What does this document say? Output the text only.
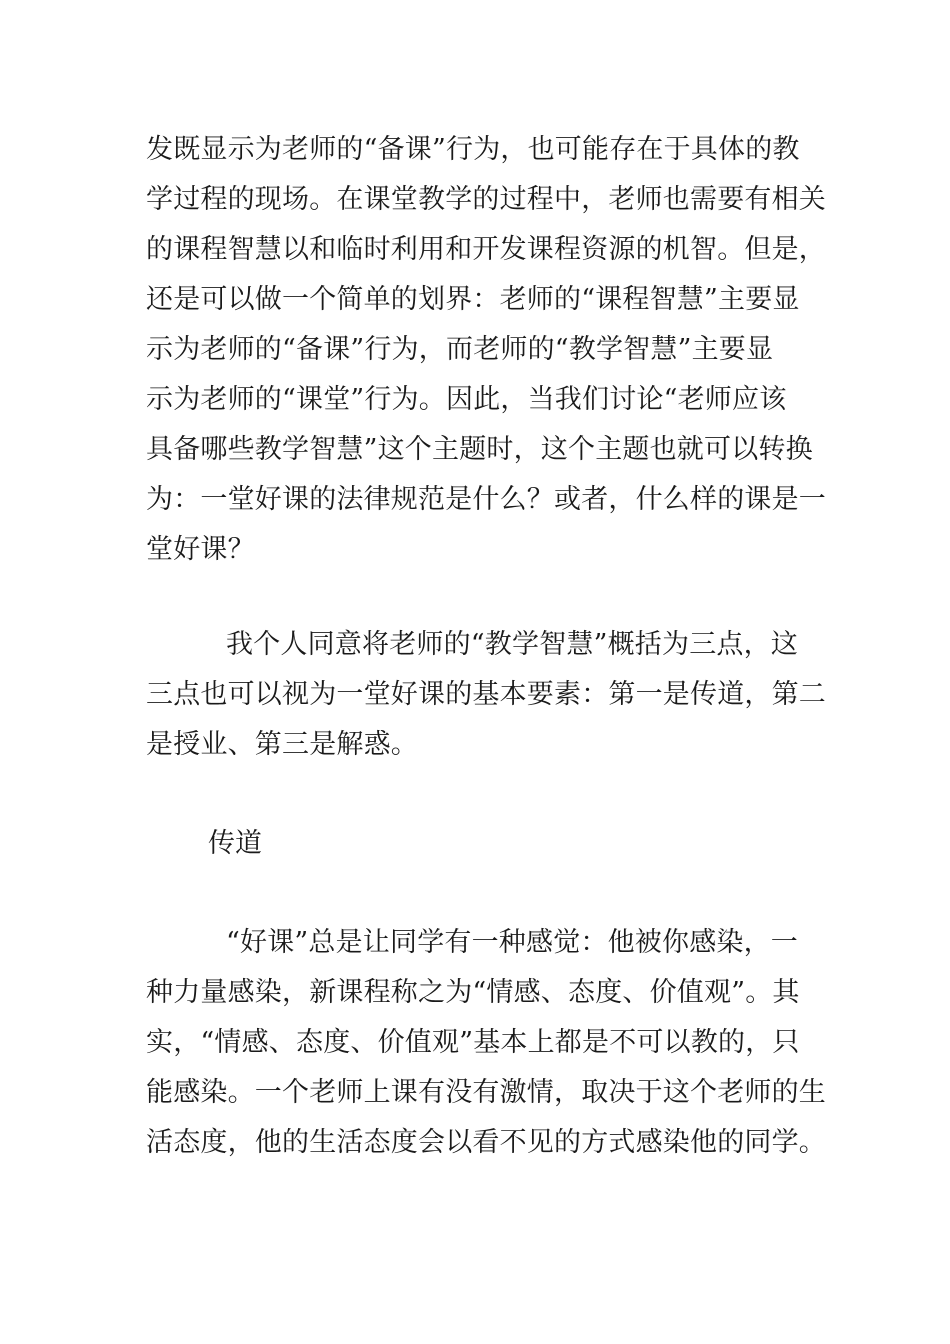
发既显示为老师的“备课”行为，也可能存在于具体的教
学过程的现场。在课堂教学的过程中，老师也需要有相关
的课程智慧以和临时利用和开发课程资源的机智。但是，
还是可以做一个简单的划界：老师的“课程智慧”主要显
示为老师的“备课”行为，而老师的“教学智慧”主要显
示为老师的“课堂”行为。因此，当我们讨论“老师应该
具备哪些教学智慧”这个主题时，这个主题也就可以转换
为：一堂好课的法律规范是什么？或者，什么样的课是一
堂好课？
我个人同意将老师的“教学智慧”概括为三点，这
三点也可以视为一堂好课的基本要素：第一是传道，第二
是授业、第三是解惑。
传道
“好课”总是让同学有一种感觉：他被你感染，一
种力量感染，新课程称之为“情感、态度、价值观”。其
实，“情感、态度、价值观”基本上都是不可以教的，只
能感染。一个老师上课有没有激情，取决于这个老师的生
活态度，他的生活态度会以看不见的方式感染他的同学。
